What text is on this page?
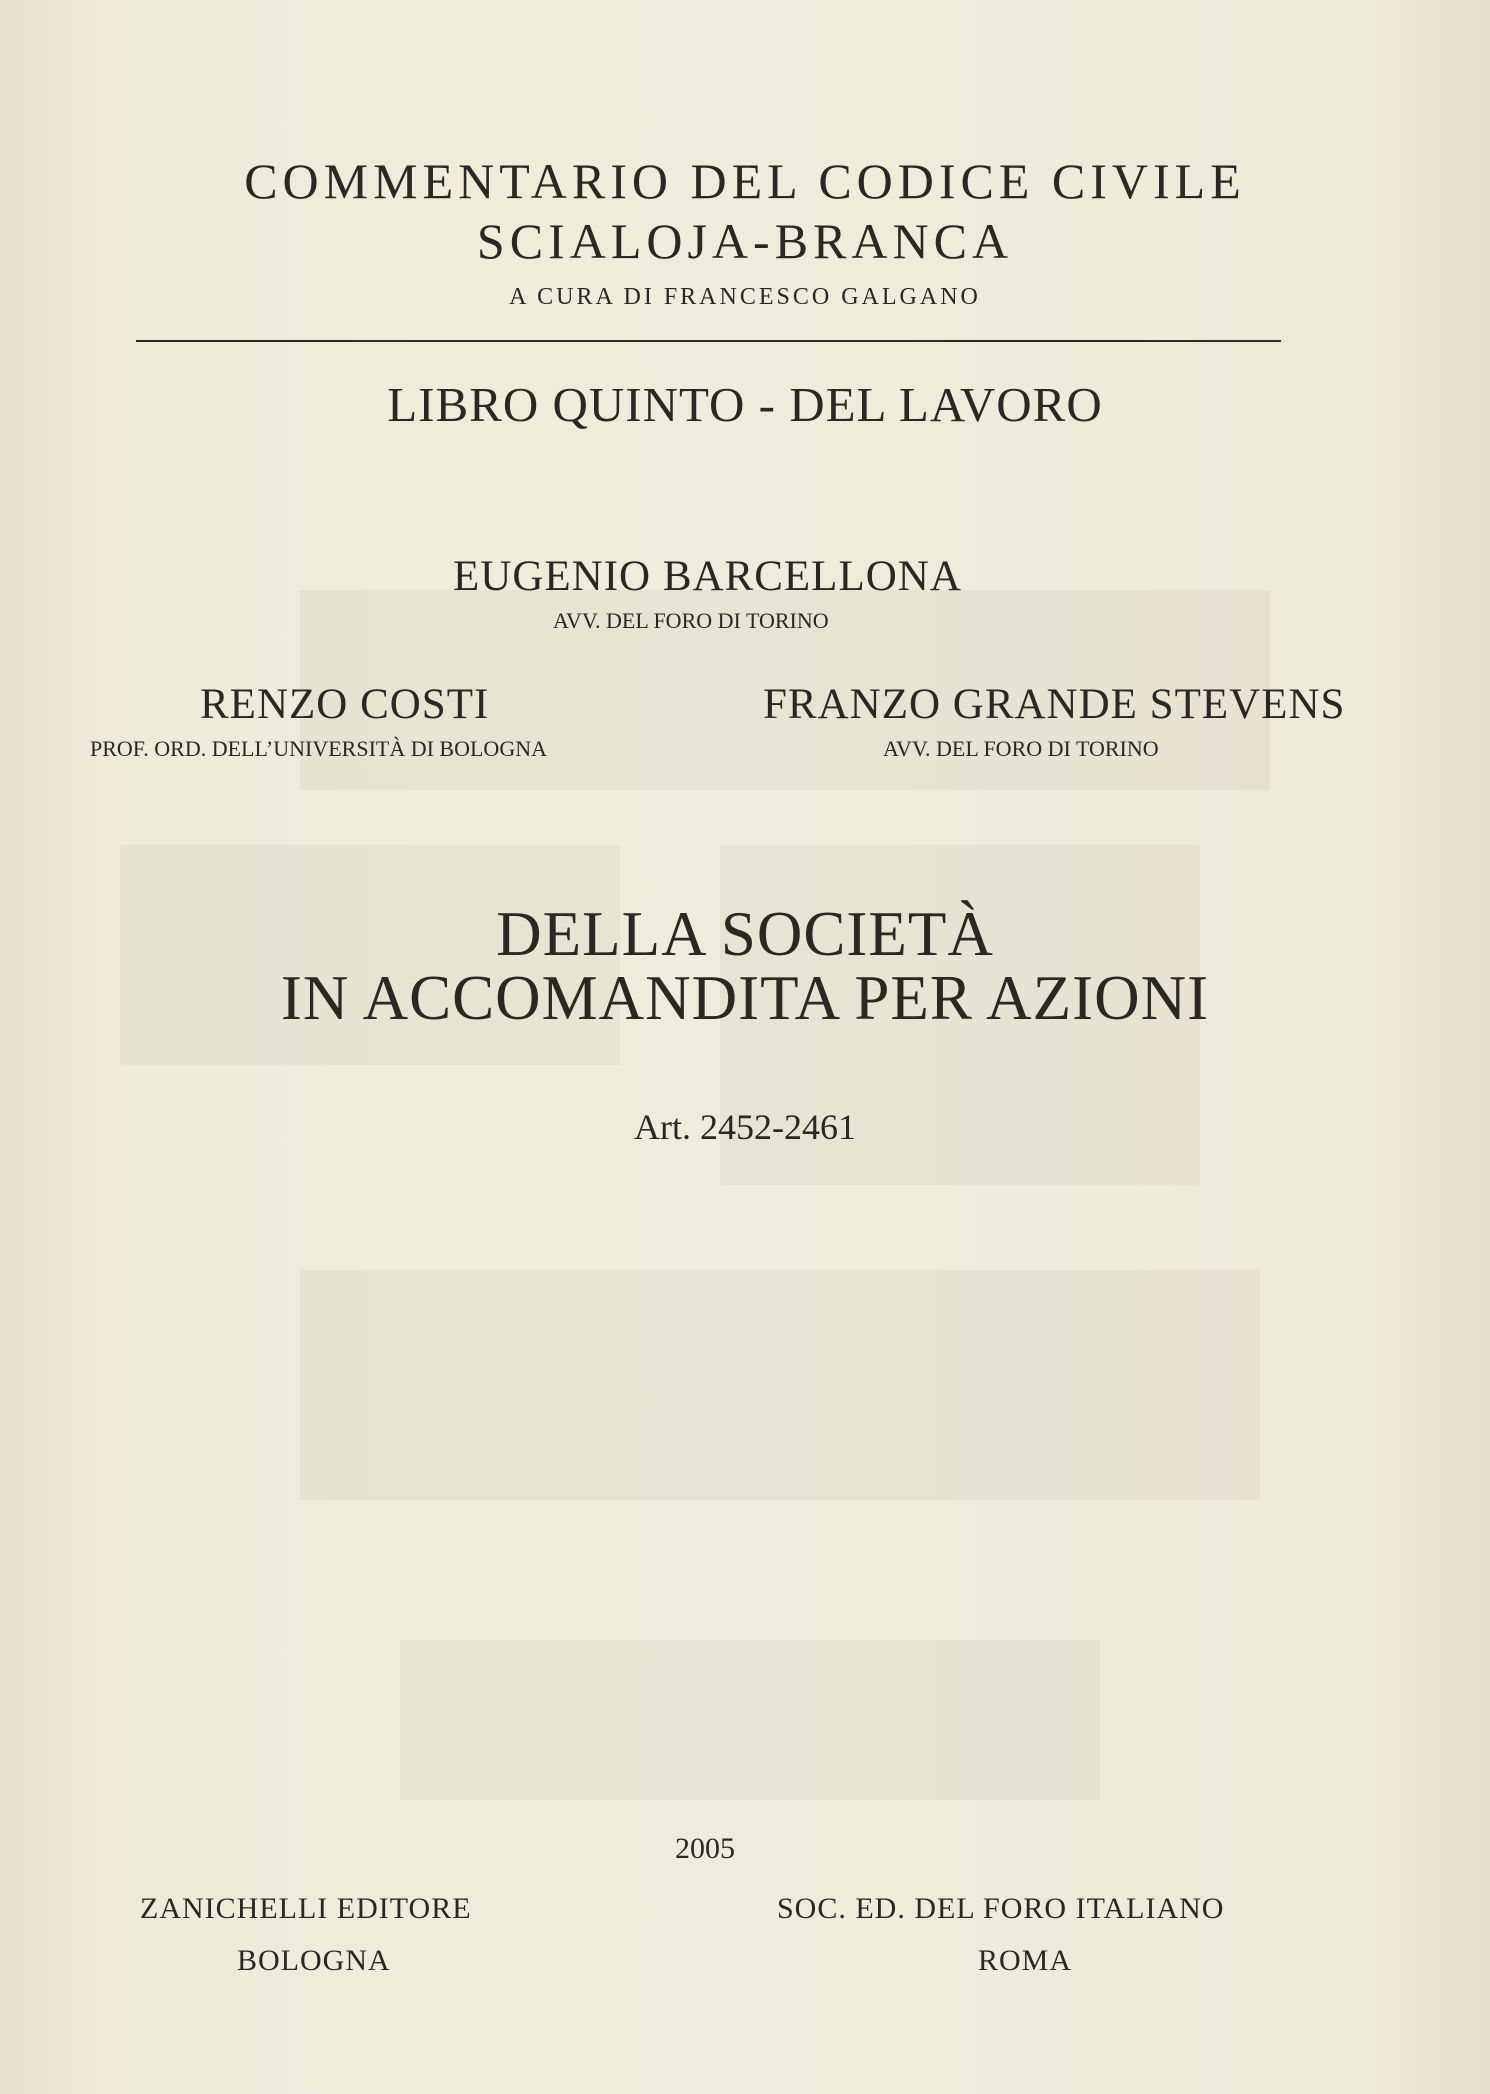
COMMENTARIO DEL CODICE CIVILE
SCIALOJA-BRANCA
A CURA DI FRANCESCO GALGANO
LIBRO QUINTO - DEL LAVORO
EUGENIO BARCELLONA
AVV. DEL FORO DI TORINO
RENZO COSTI
PROF. ORD. DELL’UNIVERSITÀ DI BOLOGNA
FRANZO GRANDE STEVENS
AVV. DEL FORO DI TORINO
DELLA SOCIETÀ
IN ACCOMANDITA PER AZIONI
Art. 2452-2461
2005
ZANICHELLI EDITORE
BOLOGNA
SOC. ED. DEL FORO ITALIANO
ROMA
